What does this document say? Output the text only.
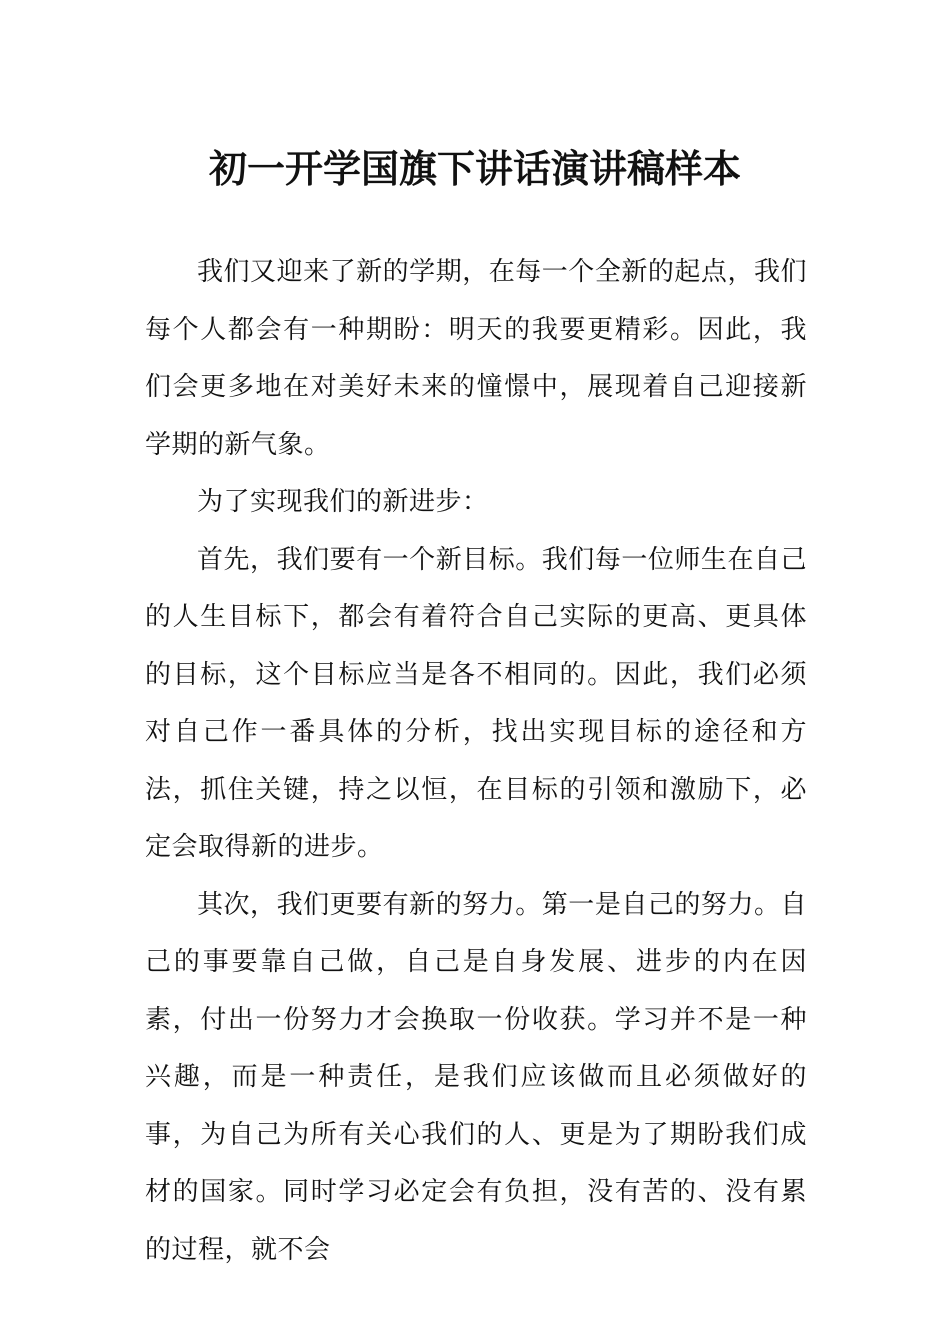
初一开学国旗下讲话演讲稿样本

我们又迎来了新的学期，在每一个全新的起点，我们每个人都会有一种期盼：明天的我要更精彩。因此，我们会更多地在对美好未来的憧憬中，展现着自己迎接新学期的新气象。

为了实现我们的新进步：

首先，我们要有一个新目标。我们每一位师生在自己的人生目标下，都会有着符合自己实际的更高、更具体的目标，这个目标应当是各不相同的。因此，我们必须对自己作一番具体的分析，找出实现目标的途径和方法，抓住关键，持之以恒，在目标的引领和激励下，必定会取得新的进步。

其次，我们更要有新的努力。第一是自己的努力。自己的事要靠自己做，自己是自身发展、进步的内在因素，付出一份努力才会换取一份收获。学习并不是一种兴趣，而是一种责任，是我们应该做而且必须做好的事，为自己为所有关心我们的人、更是为了期盼我们成材的国家。同时学习必定会有负担，没有苦的、没有累的过程，就不会
